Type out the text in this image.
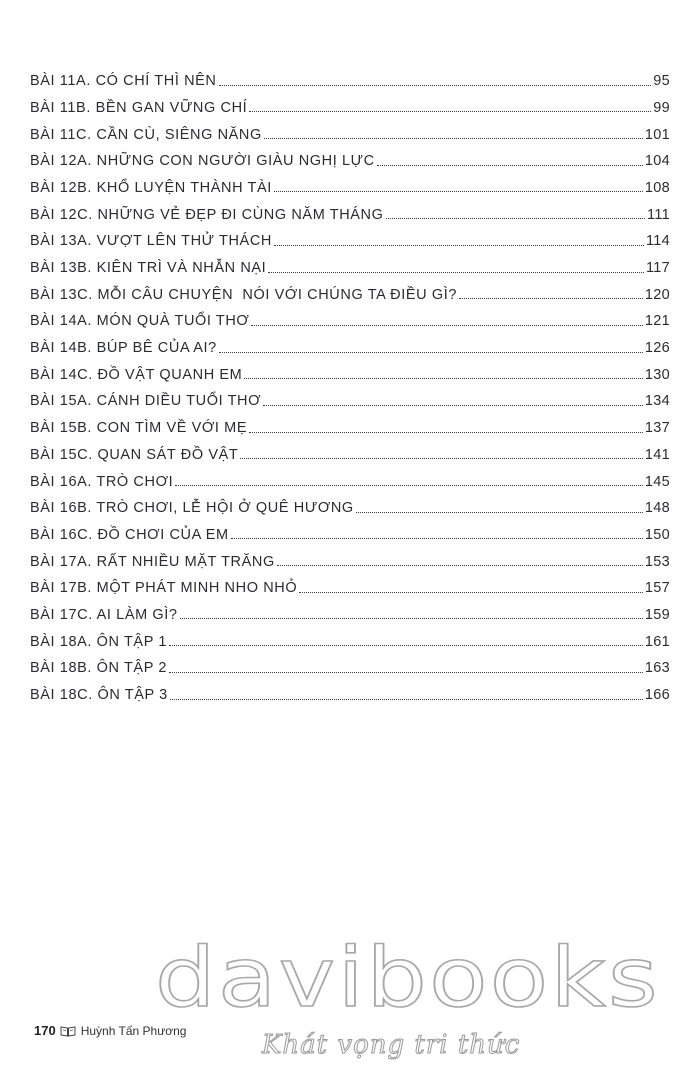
BÀI 11A. CÓ CHÍ THÌ NÊN	95
BÀI 11B. BỀN GAN VỮNG CHÍ	99
BÀI 11C. CẦN CÙ, SIÊNG NĂNG	101
BÀI 12A. NHỮNG CON NGƯỜI GIÀU NGHỊ LỰC	104
BÀI 12B. KHỔ LUYỆN THÀNH TÀI	108
BÀI 12C. NHỮNG VẺ ĐẸP ĐI CÙNG NĂM THÁNG	111
BÀI 13A. VƯỢT LÊN THỬ THÁCH	114
BÀI 13B. KIÊN TRÌ VÀ NHẪN NẠI	117
BÀI 13C. MỖI CÂU CHUYỆN  NÓI VỚI CHÚNG TA ĐIỀU GÌ?	120
BÀI 14A. MÓN QUÀ TUỔI THƠ	121
BÀI 14B. BÚP BÊ CỦA AI?	126
BÀI 14C. ĐỒ VẬT QUANH EM	130
BÀI 15A. CÁNH DIỀU TUỔI THƠ	134
BÀI 15B. CON TÌM VỀ VỚI MẸ	137
BÀI 15C. QUAN SÁT ĐỒ VẬT	141
BÀI 16A. TRÒ CHƠI	145
BÀI 16B. TRÒ CHƠI, LỄ HỘI Ở QUÊ HƯƠNG	148
BÀI 16C. ĐỒ CHƠI CỦA EM	150
BÀI 17A. RẤT NHIỀU MẶT TRĂNG	153
BÀI 17B. MỘT PHÁT MINH NHO NHỎ	157
BÀI 17C. AI LÀM GÌ?	159
BÀI 18A. ÔN TẬP 1	161
BÀI 18B. ÔN TẬP 2	163
BÀI 18C. ÔN TẬP 3	166
170 Huỳnh Tấn Phương
davibooks
Khát vọng tri thức
